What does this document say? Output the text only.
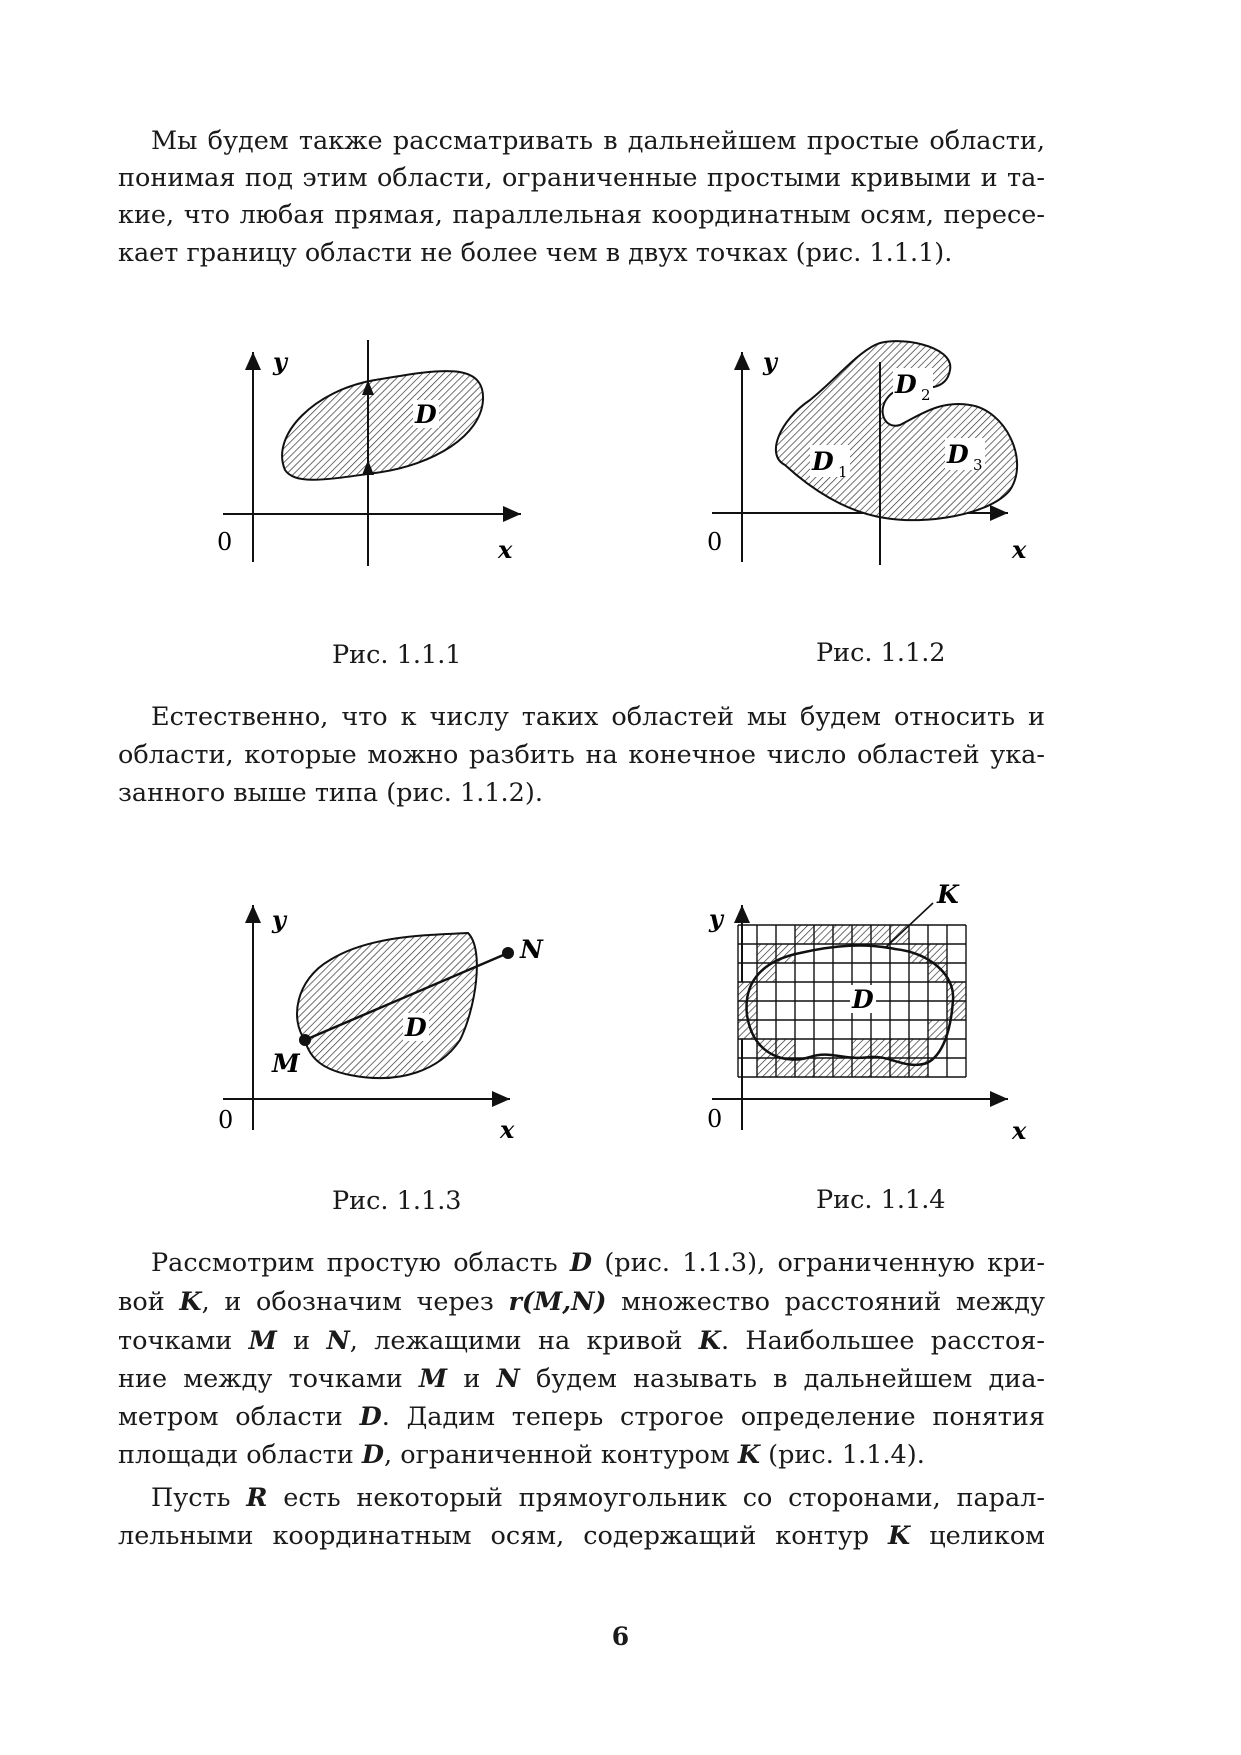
Мы будем также рассматривать в дальнейшем простые области,
понимая под этим области, ограниченные простыми кривыми и та-
кие, что любая прямая, параллельная координатным осям, пересе-
кает границу области не более чем в двух точках (рис. 1.1.1).
D
y
x
0
Рис. 1.1.1
D 2
D 1
D 3
y
x
0
Рис. 1.1.2
Естественно, что к числу таких областей мы будем относить и
области, которые можно разбить на конечное число областей ука-
занного выше типа (рис. 1.1.2).
D
M
N
y
x
0
Рис. 1.1.3
D
K
y
x
0
Рис. 1.1.4
Рассмотрим простую область D (рис. 1.1.3), ограниченную кри-
вой K, и обозначим через r(M,N) множество расстояний между
точками M и N, лежащими на кривой K. Наибольшее расстоя-
ние между точками M и N будем называть в дальнейшем диа-
метром области D. Дадим теперь строгое определение понятия
площади области D, ограниченной контуром K (рис. 1.1.4).
Пусть R есть некоторый прямоугольник со сторонами, парал-
лельными координатным осям, содержащий контур K целиком
6
